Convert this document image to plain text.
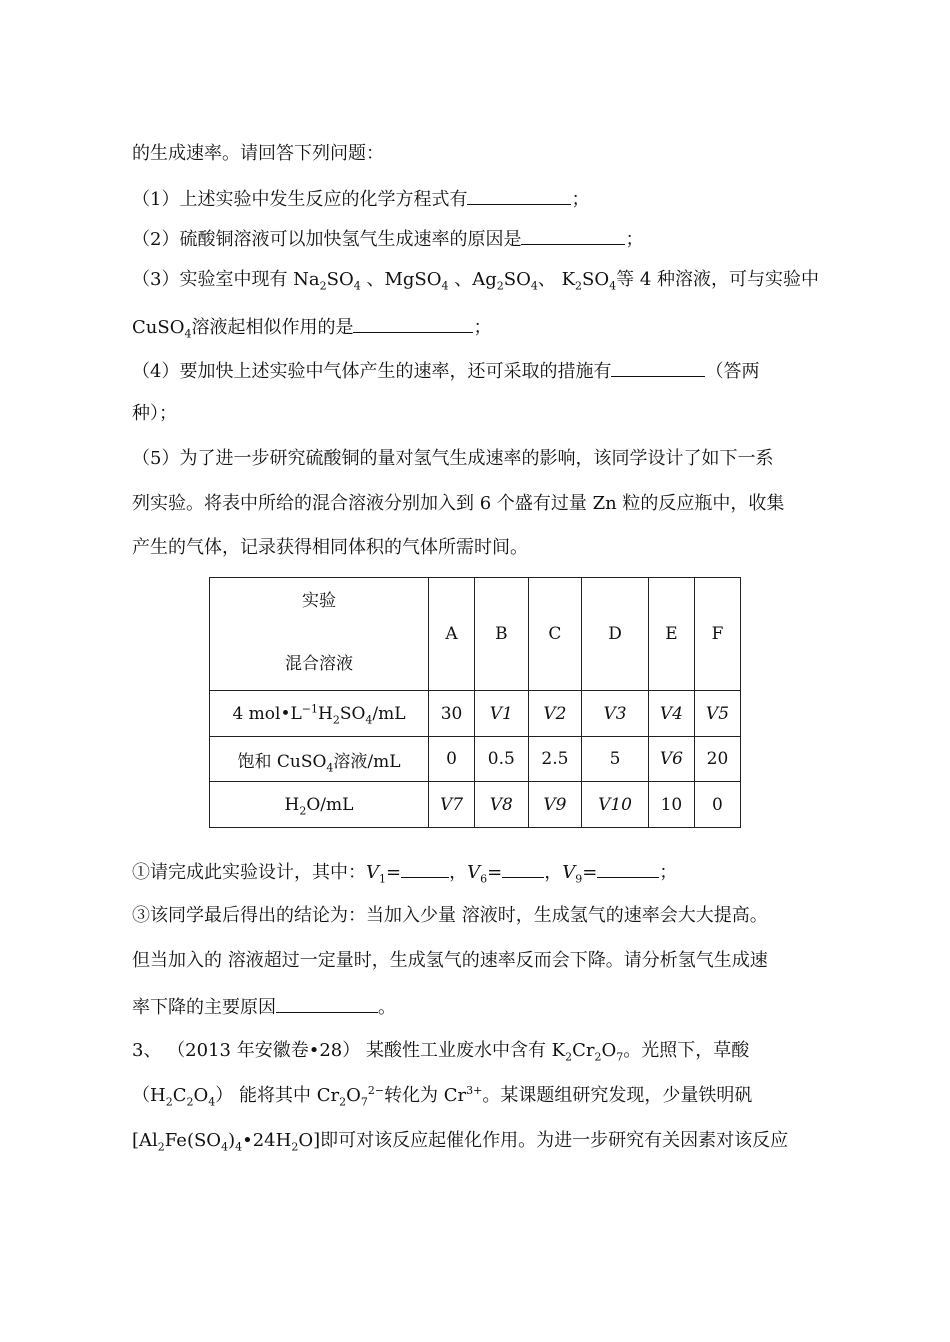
的生成速率。请回答下列问题：
（1）上述实验中发生反应的化学方程式有	；
（2）硫酸铜溶液可以加快氢气生成速率的原因是	；
（3）实验室中现有 $Na_2SO_4$ 、MgSO$_4$ 、$Ag_2SO_4$、 $K_2SO_4$等 4 种溶液，可与实验中
CuSO$_4$溶液起相似作用的是	；
（4）要加快上述实验中气体产生的速率，还可采取的措施有	（答两
种）；
（5）为了进一步研究硫酸铜的量对氢气生成速率的影响，该同学设计了如下一系
列实验。将表中所给的混合溶液分别加入到 6 个盛有过量 Zn 粒的反应瓶中，收集
产生的气体，记录获得相同体积的气体所需时间。
实验
混合溶液	A	B	C	D	E	F
4 $mol•L^{-1}H_2SO_4/mL$	30	V1	V2	V3	V4	V5
饱和 CuSO$_4$溶液/mL	0	0.5	2.5	5	V6	20
$H_2O/mL$	V7	V8	V9	V10	10	0
①请完成此实验设计，其中：$V_1=$	，$V_6=$ ，$V_9=$	；
③该同学最后得出的结论为：当加入少量 溶液时，生成氢气的速率会大大提高。
但当加入的 溶液超过一定量时，生成氢气的速率反而会下降。请分析氢气生成速
率下降的主要原因	。
3、 （2013 年安徽卷•28） 某酸性工业废水中含有 $K_2Cr_2O_7$。光照下，草酸
$(H_2C_2O_4)$ 能将其中 $Cr_2O_7^{2-}$转化为 $Cr^{3+}$。某课题组研究发现，少量铁明矾
$[Al_2Fe(SO_4)_4•24H_2O]$即可对该反应起催化作用。为进一步研究有关因素对该反应
